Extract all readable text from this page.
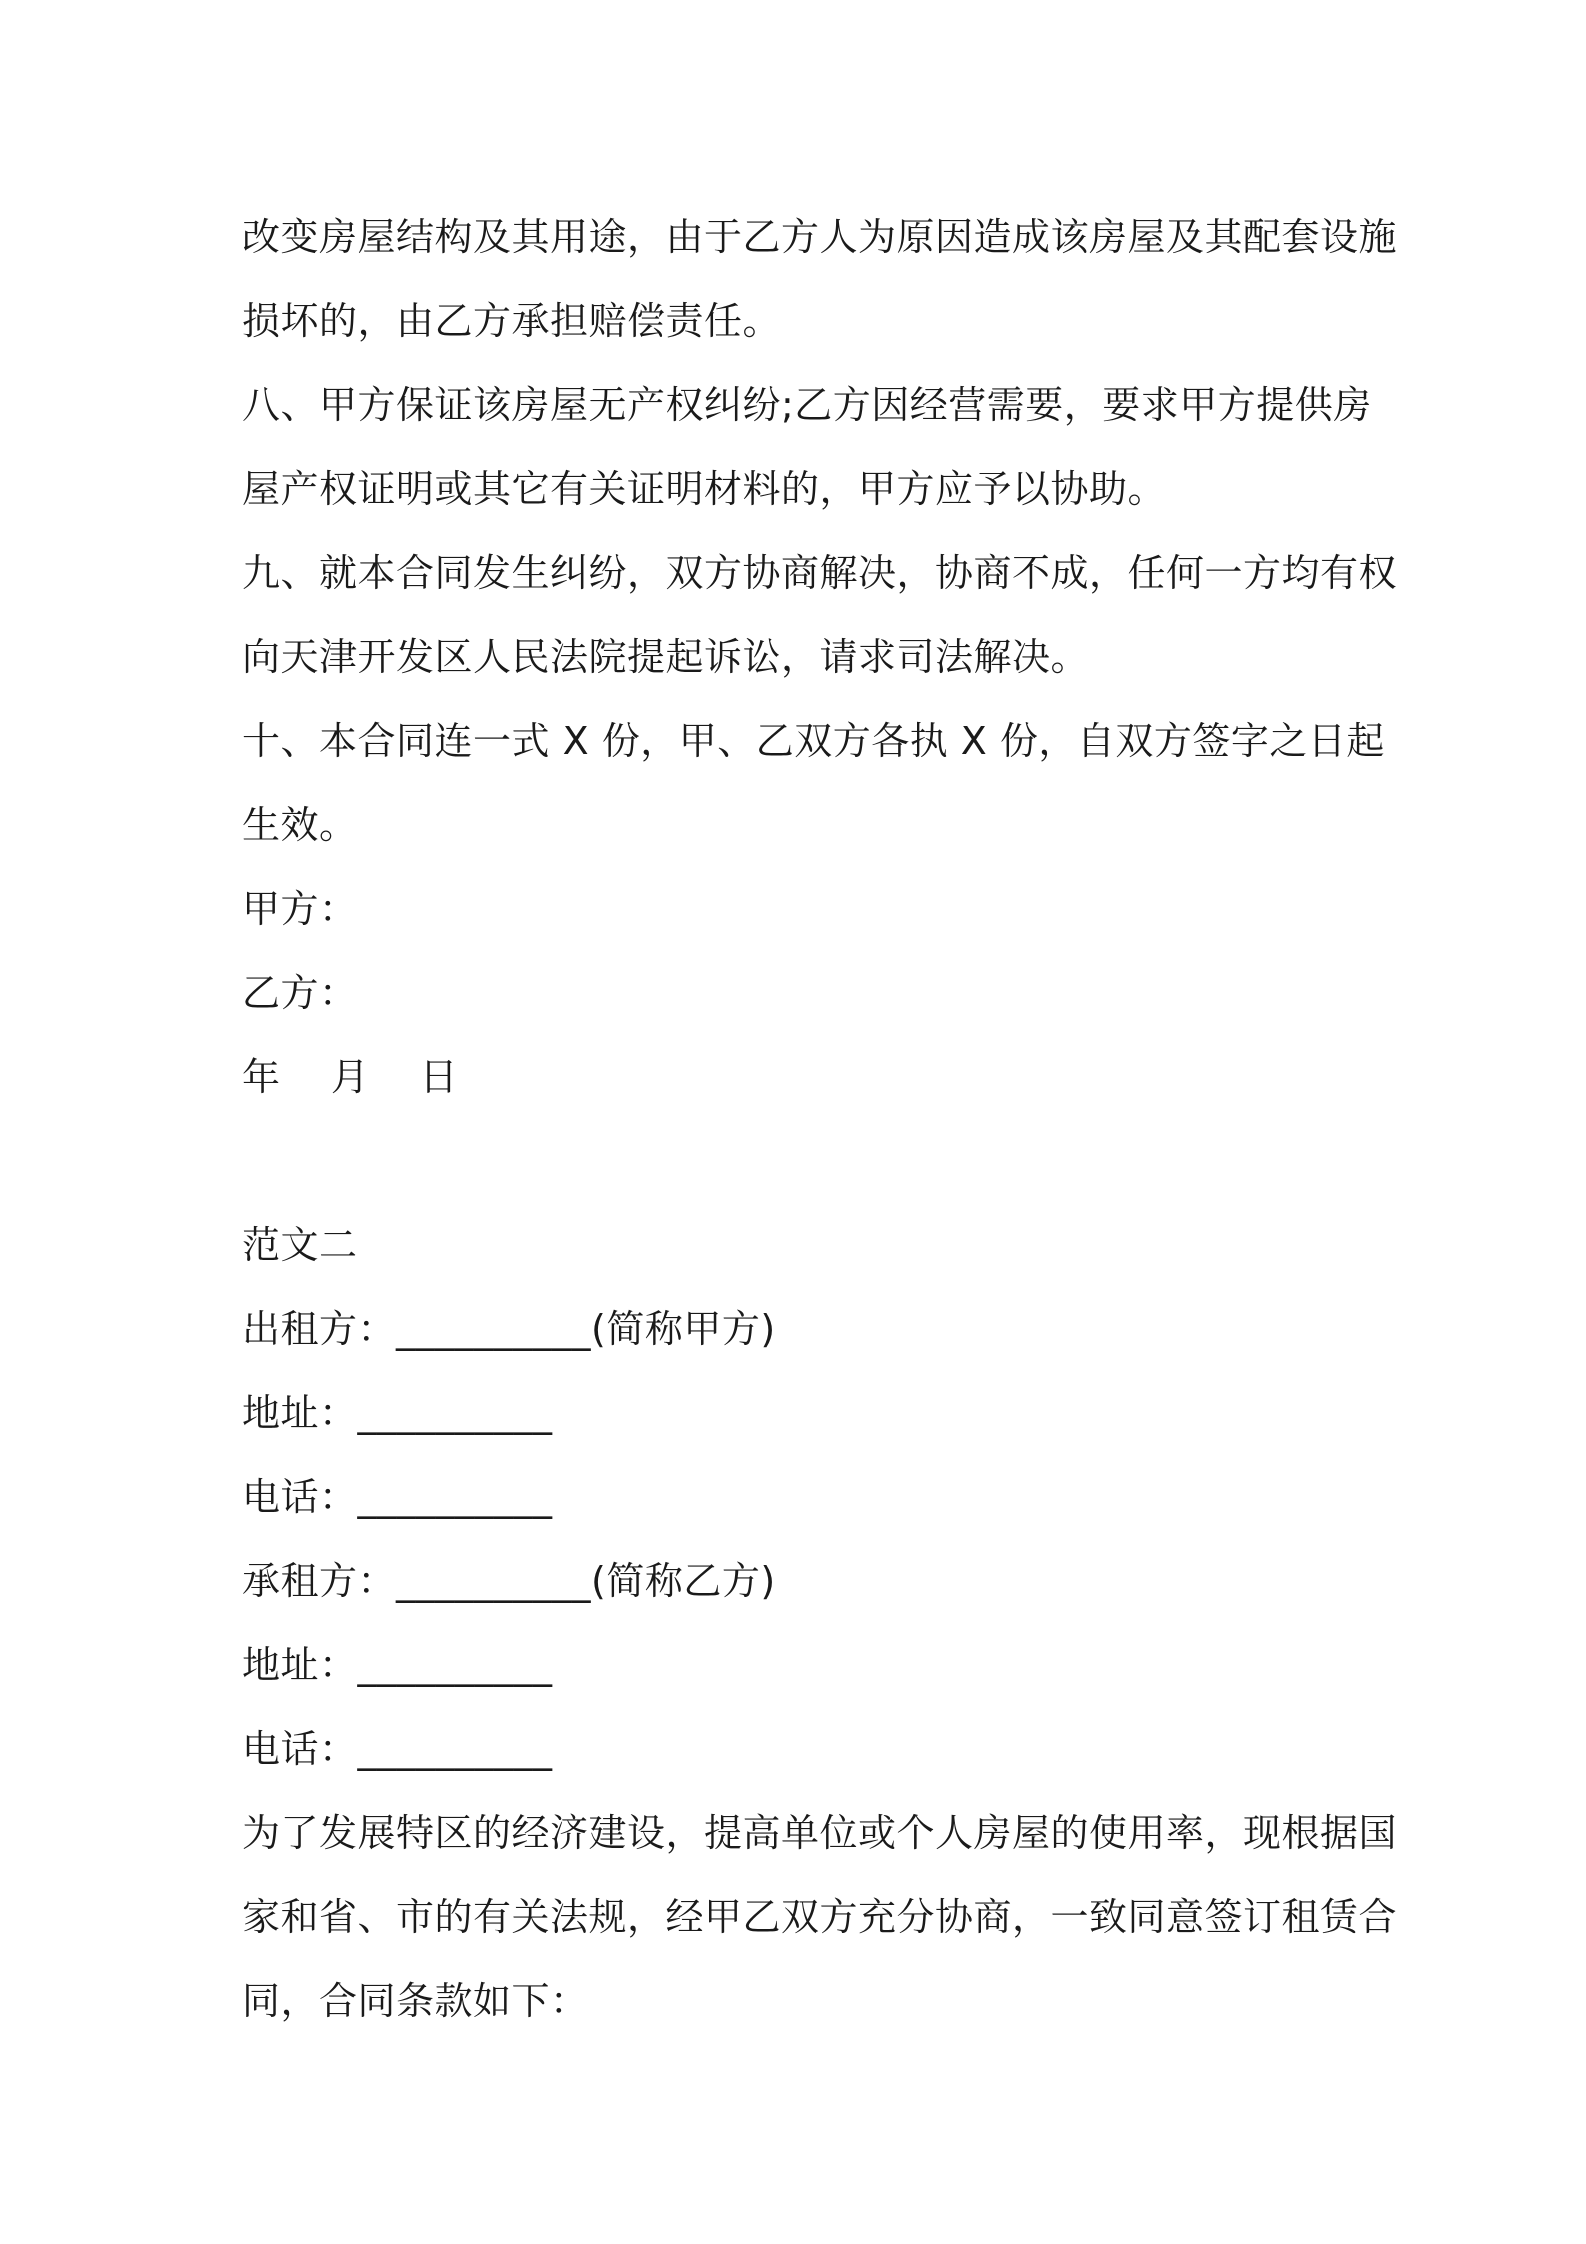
改变房屋结构及其用途，由于乙方人为原因造成该房屋及其配套设施
损坏的，由乙方承担赔偿责任。
八、甲方保证该房屋无产权纠纷;乙方因经营需要，要求甲方提供房
屋产权证明或其它有关证明材料的，甲方应予以协助。
九、就本合同发生纠纷，双方协商解决，协商不成，任何一方均有权
向天津开发区人民法院提起诉讼，请求司法解决。
十、本合同连一式 X 份，甲、乙双方各执 X 份，自双方签字之日起
生效。
甲方：
乙方：
年    月    日
范文二
出租方：__________(简称甲方)
地址：__________
电话：__________
承租方：__________(简称乙方)
地址：__________
电话：__________
为了发展特区的经济建设，提高单位或个人房屋的使用率，现根据国
家和省、市的有关法规，经甲乙双方充分协商，一致同意签订租赁合
同，合同条款如下：
